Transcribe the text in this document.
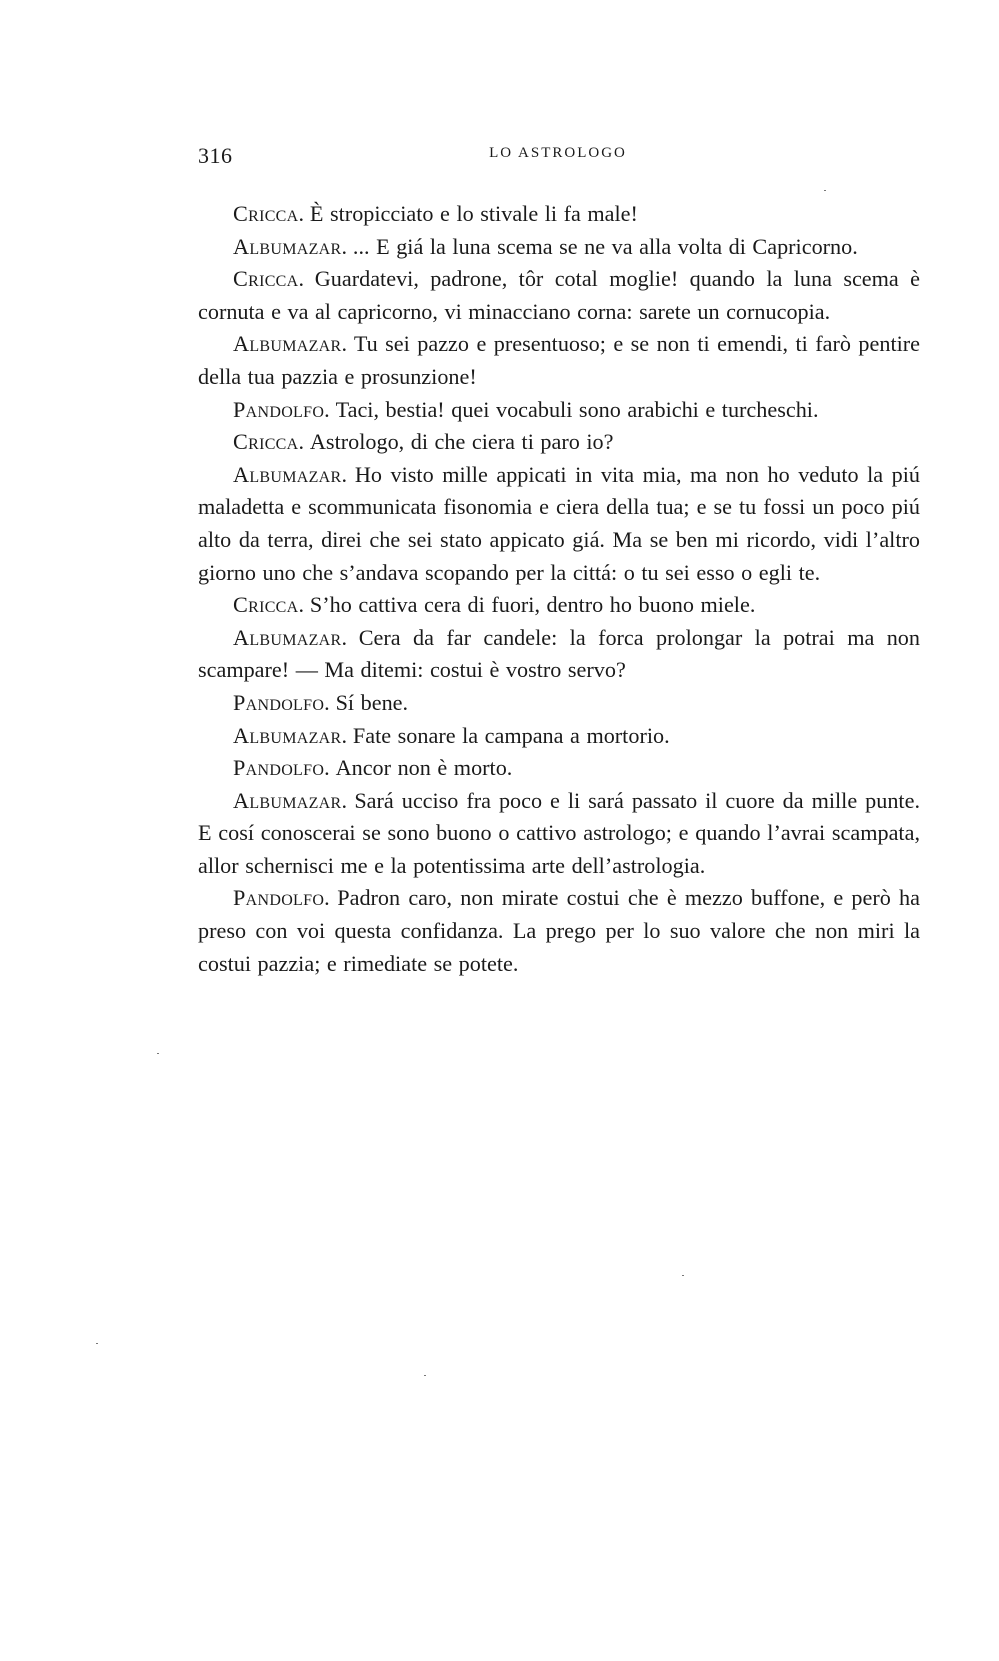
316	LO ASTROLOGO

Cricca. È stropicciato e lo stivale li fa male!

Albumazar. ... E giá la luna scema se ne va alla volta di Capricorno.

Cricca. Guardatevi, padrone, tôr cotal moglie! quando la luna scema è cornuta e va al capricorno, vi minacciano corna: sarete un cornucopia.

Albumazar. Tu sei pazzo e presentuoso; e se non ti emendi, ti farò pentire della tua pazzia e prosunzione!

Pandolfo. Taci, bestia! quei vocabuli sono arabichi e turcheschi.

Cricca. Astrologo, di che ciera ti paro io?

Albumazar. Ho visto mille appicati in vita mia, ma non ho veduto la piú maladetta e scommunicata fisonomia e ciera della tua; e se tu fossi un poco piú alto da terra, direi che sei stato appicato giá. Ma se ben mi ricordo, vidi l’altro giorno uno che s’andava scopando per la cittá: o tu sei esso o egli te.

Cricca. S’ho cattiva cera di fuori, dentro ho buono miele.

Albumazar. Cera da far candele: la forca prolongar la potrai ma non scampare! — Ma ditemi: costui è vostro servo?

Pandolfo. Sí bene.

Albumazar. Fate sonare la campana a mortorio.

Pandolfo. Ancor non è morto.

Albumazar. Sará ucciso fra poco e li sará passato il cuore da mille punte. E cosí conoscerai se sono buono o cattivo astrologo; e quando l’avrai scampata, allor schernisci me e la potentissima arte dell’astrologia.

Pandolfo. Padron caro, non mirate costui che è mezzo buffone, e però ha preso con voi questa confidanza. La prego per lo suo valore che non miri la costui pazzia; e rimediate se potete.
